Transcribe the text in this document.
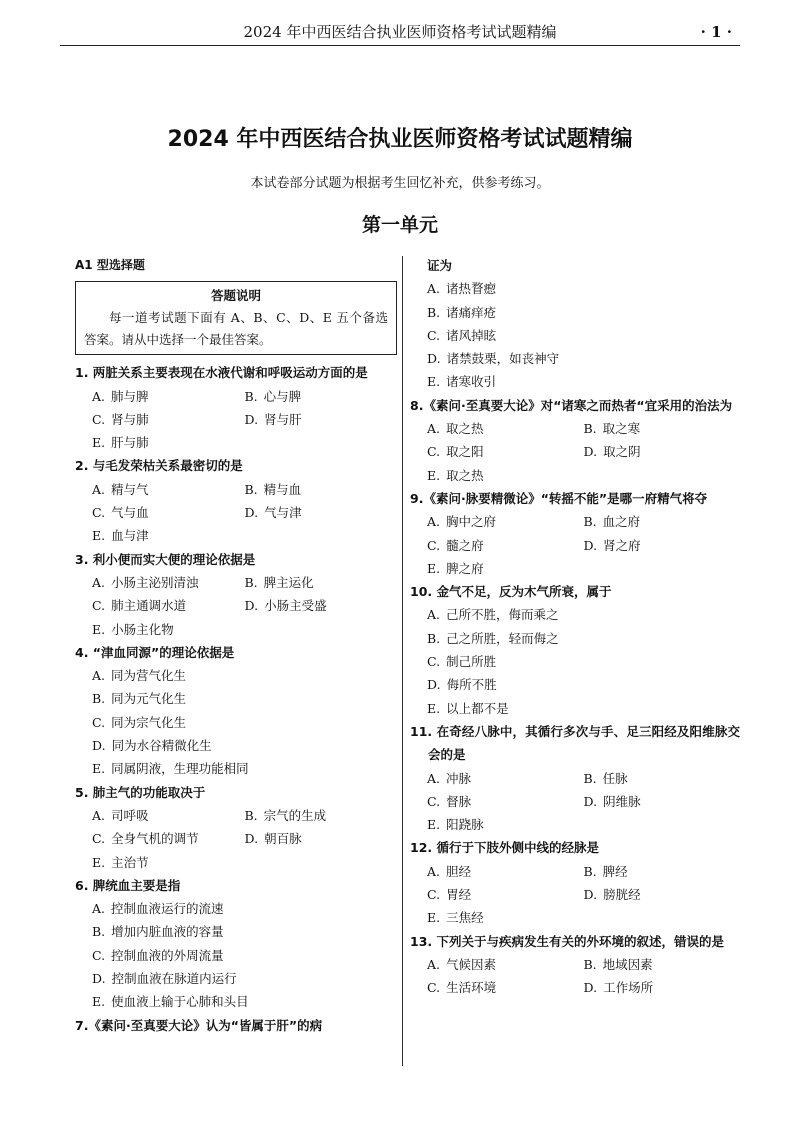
2024 年中西医结合执业医师资格考试试题精编	· 1 ·
2024 年中西医结合执业医师资格考试试题精编
本试卷部分试题为根据考生回忆补充，供参考练习。
第一单元
A1 型选择题
答题说明
每一道考试题下面有 A、B、C、D、E 五个备选答案。请从中选择一个最佳答案。
1. 两脏关系主要表现在水液代谢和呼吸运动方面的是
A. 肺与脾	B. 心与脾
C. 肾与肺	D. 肾与肝
E. 肝与肺
2. 与毛发荣枯关系最密切的是
A. 精与气	B. 精与血
C. 气与血	D. 气与津
E. 血与津
3. 利小便而实大便的理论依据是
A. 小肠主泌别清浊	B. 脾主运化
C. 肺主通调水道	D. 小肠主受盛
E. 小肠主化物
4. “津血同源”的理论依据是
A. 同为营气化生
B. 同为元气化生
C. 同为宗气化生
D. 同为水谷精微化生
E. 同属阴液，生理功能相同
5. 肺主气的功能取决于
A. 司呼吸	B. 宗气的生成
C. 全身气机的调节	D. 朝百脉
E. 主治节
6. 脾统血主要是指
A. 控制血液运行的流速
B. 增加内脏血液的容量
C. 控制血液的外周流量
D. 控制血液在脉道内运行
E. 使血液上输于心肺和头目
7.《素问·至真要大论》认为“皆属于肝”的病
证为
A. 诸热瞀瘛
B. 诸痛痒疮
C. 诸风掉眩
D. 诸禁鼓栗，如丧神守
E. 诸寒收引
8.《素问·至真要大论》对“诸寒之而热者“宜采用的治法为
A. 取之热	B. 取之寒
C. 取之阳	D. 取之阴
E. 取之热
9.《素问·脉要精微论》“转摇不能”是哪一府精气将夺
A. 胸中之府	B. 血之府
C. 髓之府	D. 肾之府
E. 脾之府
10. 金气不足，反为木气所衰，属于
A. 己所不胜，侮而乘之
B. 己之所胜，轻而侮之
C. 制己所胜
D. 侮所不胜
E. 以上都不是
11. 在奇经八脉中，其循行多次与手、足三阳经及阳维脉交会的是
A. 冲脉	B. 任脉
C. 督脉	D. 阴维脉
E. 阳跷脉
12. 循行于下肢外侧中线的经脉是
A. 胆经	B. 脾经
C. 胃经	D. 膀胱经
E. 三焦经
13. 下列关于与疾病发生有关的外环境的叙述，错误的是
A. 气候因素	B. 地域因素
C. 生活环境	D. 工作场所
